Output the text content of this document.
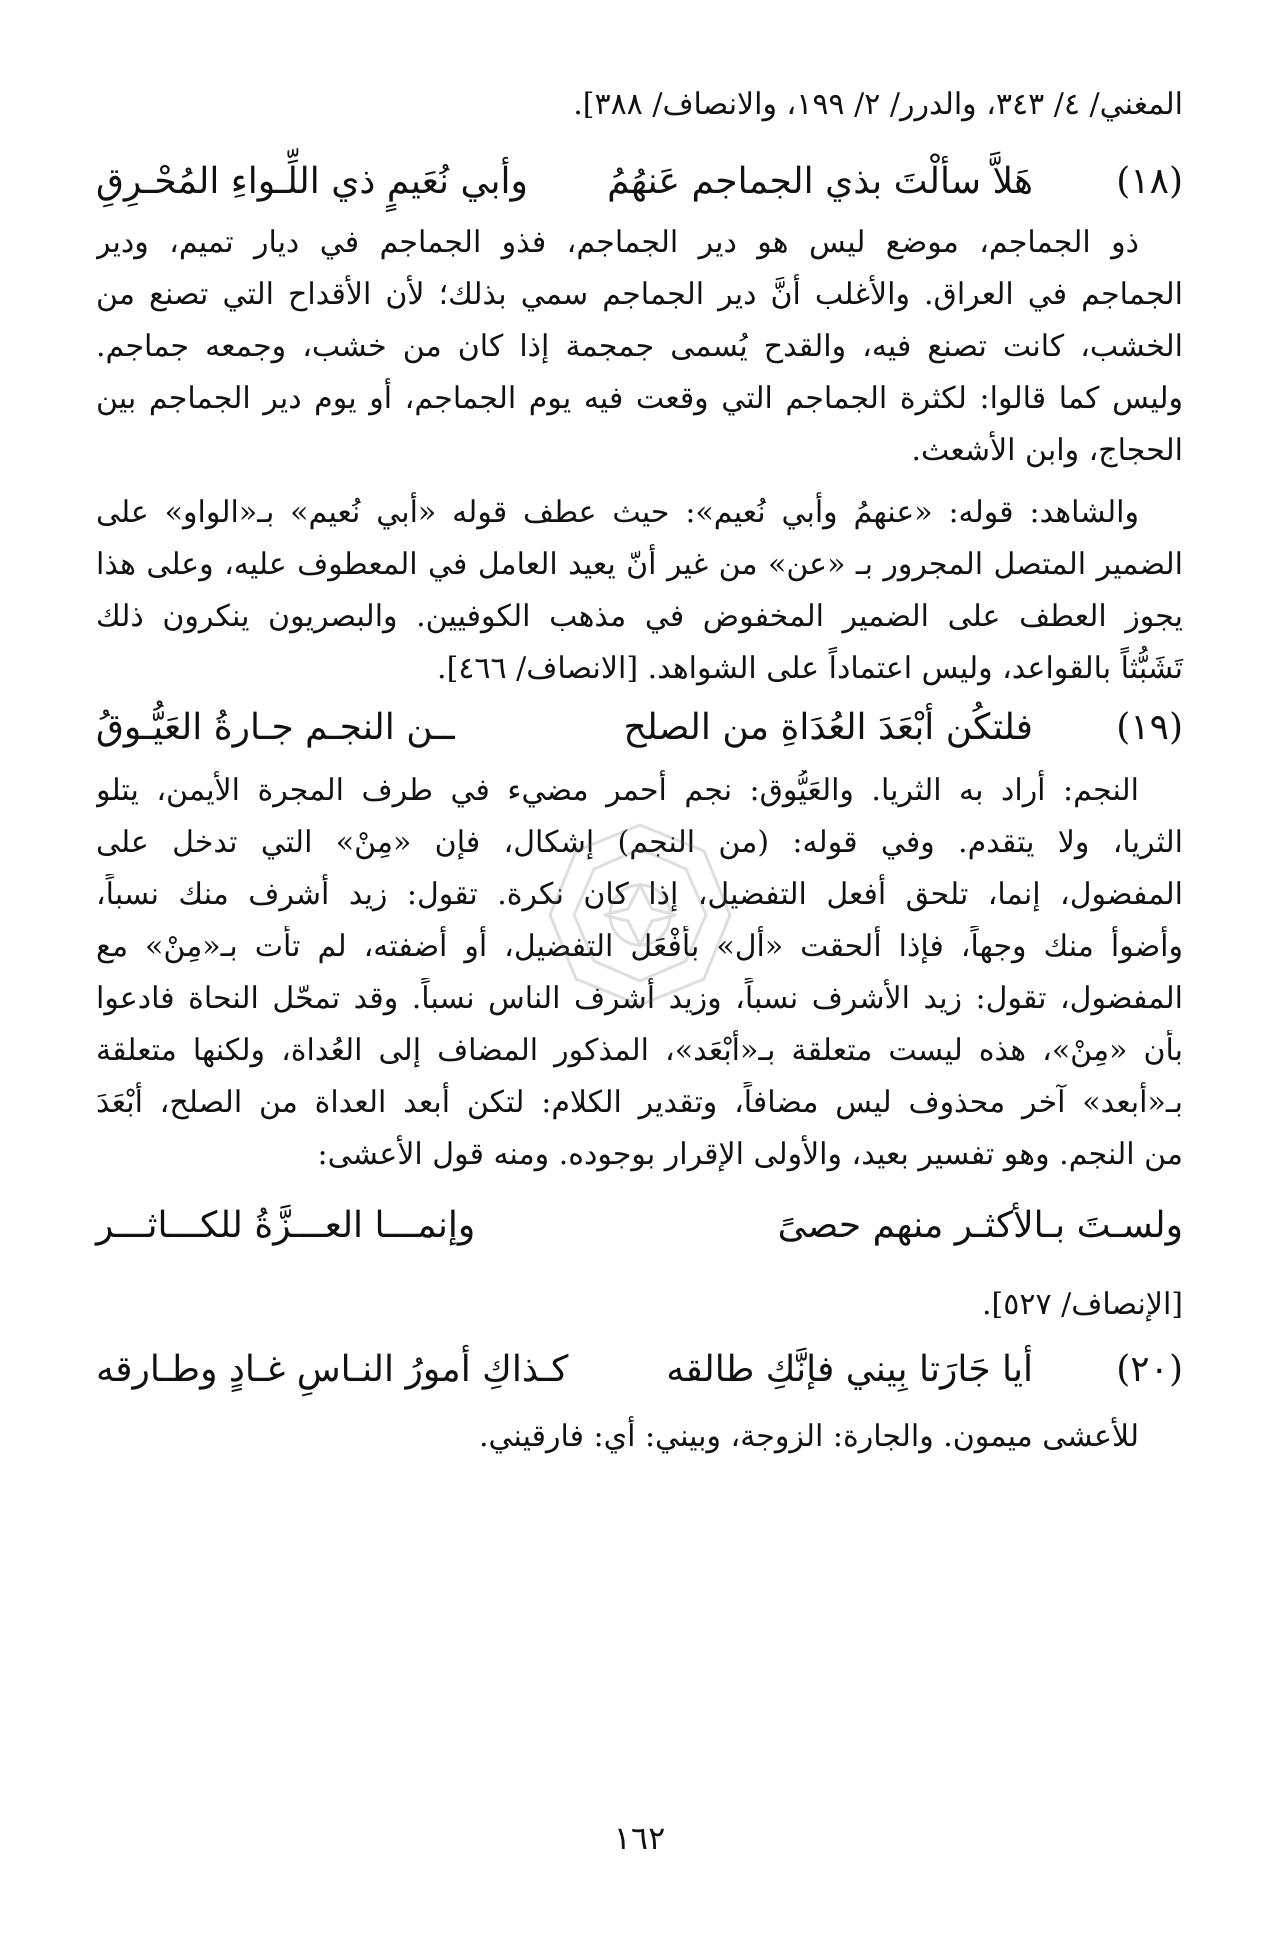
المغني/ ٤/ ٣٤٣، والدرر/ ٢/ ١٩٩، والانصاف/ ٣٨٨].
(١٨)
هَلاَّ سألْتَ بذي الجماجم عَنهُمُ
وأبي نُعَيمٍ ذي اللِّـواءِ المُحْـرِقِ
ذو الجماجم، موضع ليس هو دير الجماجم، فذو الجماجم في ديار تميم، ودير
الجماجم في العراق. والأغلب أنَّ دير الجماجم سمي بذلك؛ لأن الأقداح التي تصنع من
الخشب، كانت تصنع فيه، والقدح يُسمى جمجمة إذا كان من خشب، وجمعه جماجم.
وليس كما قالوا: لكثرة الجماجم التي وقعت فيه يوم الجماجم، أو يوم دير الجماجم بين
الحجاج، وابن الأشعث.
والشاهد: قوله: «عنهمُ وأبي نُعيم»: حيث عطف قوله «أبي نُعيم» بـ«الواو» على
الضمير المتصل المجرور بـ «عن» من غير أنّ يعيد العامل في المعطوف عليه، وعلى هذا
يجوز العطف على الضمير المخفوض في مذهب الكوفيين. والبصريون ينكرون ذلك
تَشَبُّثاً بالقواعد، وليس اعتماداً على الشواهد. [الانصاف/ ٤٦٦].
(١٩)
فلتكُن أبْعَدَ العُدَاةِ من الصلح
ــن النجـم جـارةُ العَيُّـوقُ
النجم: أراد به الثريا. والعَيُّوق: نجم أحمر مضيء في طرف المجرة الأيمن، يتلو
الثريا، ولا يتقدم. وفي قوله: (من النجم) إشكال، فإن «مِنْ» التي تدخل على
المفضول، إنما، تلحق أفعل التفضيل، إذا كان نكرة. تقول: زيد أشرف منك نسباً،
وأضوأ منك وجهاً، فإذا ألحقت «أل» بأفْعَل التفضيل، أو أضفته، لم تأت بـ«مِنْ» مع
المفضول، تقول: زيد الأشرف نسباً، وزيد أشرف الناس نسباً. وقد تمحّل النحاة فادعوا
بأن «مِنْ»، هذه ليست متعلقة بـ«أبْعَد»، المذكور المضاف إلى العُداة، ولكنها متعلقة
بـ«أبعد» آخر محذوف ليس مضافاً، وتقدير الكلام: لتكن أبعد العداة من الصلح، أبْعَدَ
من النجم. وهو تفسير بعيد، والأولى الإقرار بوجوده. ومنه قول الأعشى:
ولسـتَ بـالأكثـر منهم حصىً
وإنمـــا العـــزَّةُ للكـــاثـــر
[الإنصاف/ ٥٢٧].
(٢٠)
أيا جَارَتا بِيني فإنَّكِ طالقه
كـذاكِ أمورُ النـاسِ غـادٍ وطـارقه
للأعشى ميمون. والجارة: الزوجة، وبيني: أي: فارقيني.
١٦٢
